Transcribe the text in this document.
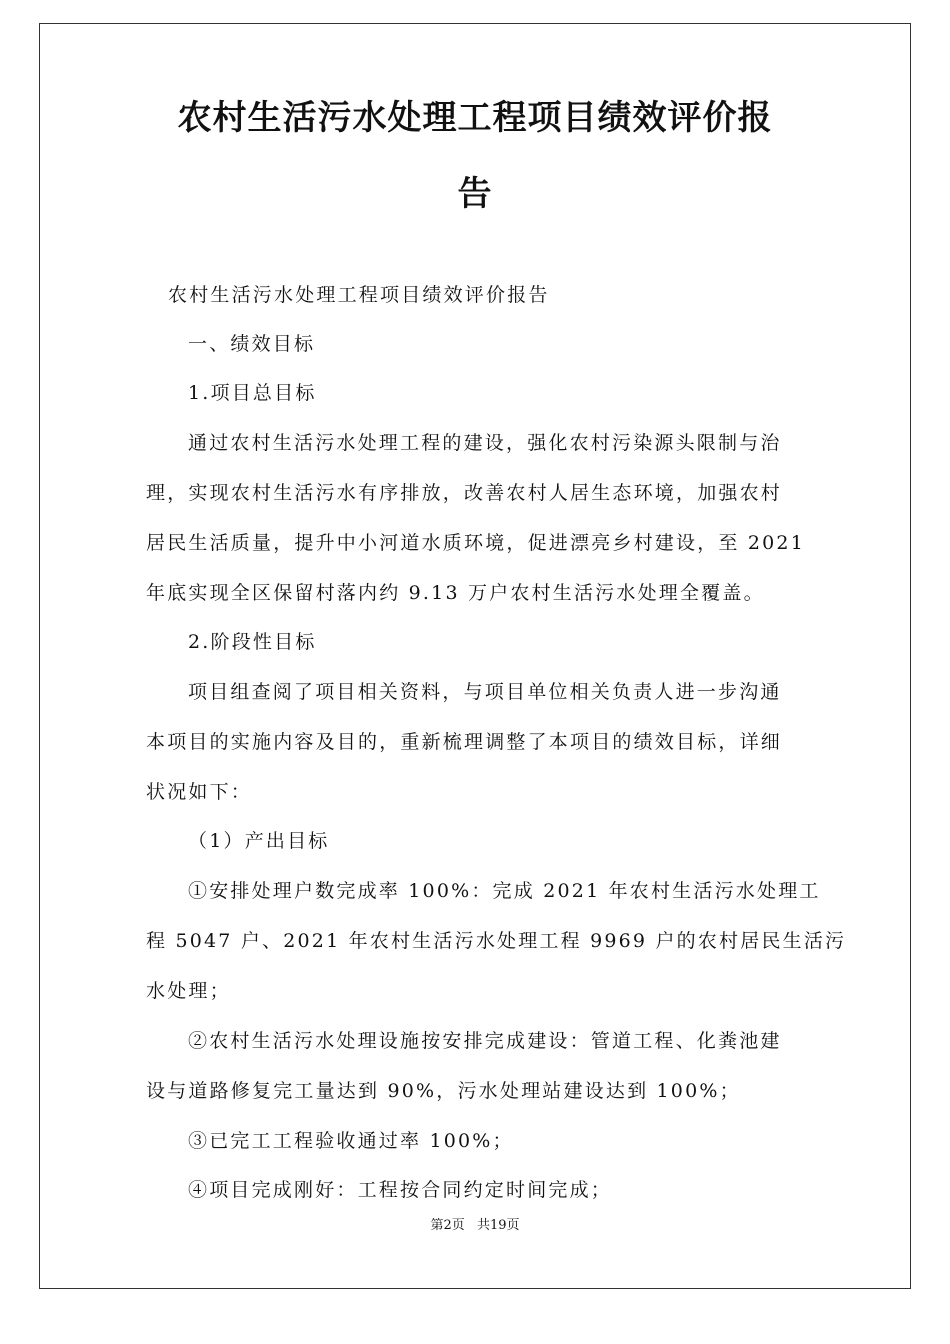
农村生活污水处理工程项目绩效评价报
告

农村生活污水处理工程项目绩效评价报告

一、绩效目标

1.项目总目标

通过农村生活污水处理工程的建设，强化农村污染源头限制与治

理，实现农村生活污水有序排放，改善农村人居生态环境，加强农村

居民生活质量，提升中小河道水质环境，促进漂亮乡村建设，至 2021

年底实现全区保留村落内约 9.13 万户农村生活污水处理全覆盖。

2.阶段性目标

项目组查阅了项目相关资料，与项目单位相关负责人进一步沟通

本项目的实施内容及目的，重新梳理调整了本项目的绩效目标，详细

状况如下：

（1）产出目标

①安排处理户数完成率 100%：完成 2021 年农村生活污水处理工

程 5047 户、2021 年农村生活污水处理工程 9969 户的农村居民生活污

水处理；

②农村生活污水处理设施按安排完成建设：管道工程、化粪池建

设与道路修复完工量达到 90%，污水处理站建设达到 100%；

③已完工工程验收通过率 100%；

④项目完成刚好：工程按合同约定时间完成；

第2页 共19页
